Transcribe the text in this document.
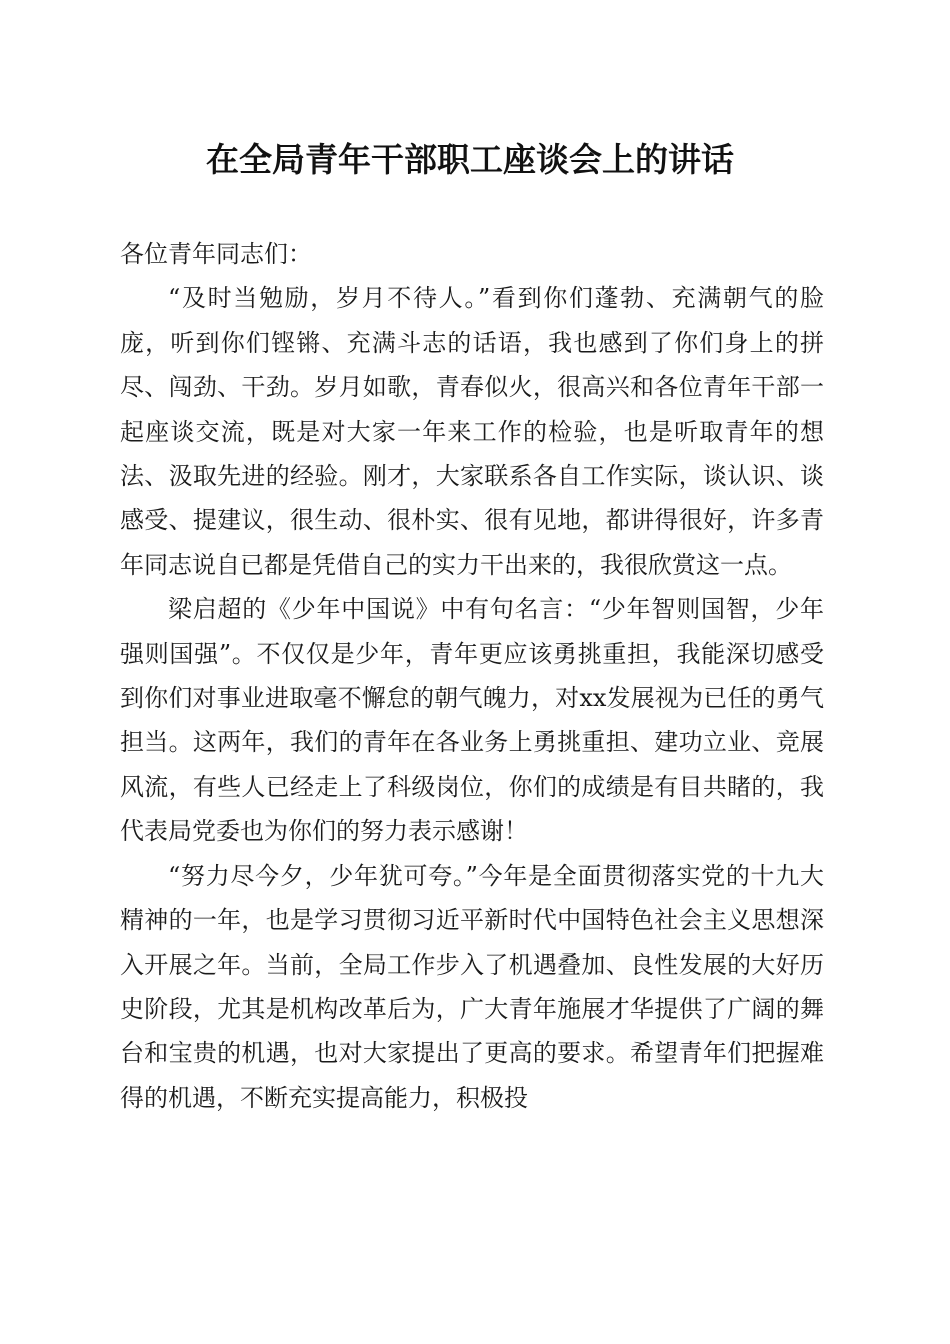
在全局青年干部职工座谈会上的讲话

各位青年同志们：

“及时当勉励，岁月不待人。”看到你们蓬勃、充满朝气的脸庞，听到你们铿锵、充满斗志的话语，我也感到了你们身上的拼尽、闯劲、干劲。岁月如歌，青春似火，很高兴和各位青年干部一起座谈交流，既是对大家一年来工作的检验，也是听取青年的想法、汲取先进的经验。刚才，大家联系各自工作实际，谈认识、谈感受、提建议，很生动、很朴实、很有见地，都讲得很好，许多青年同志说自已都是凭借自己的实力干出来的，我很欣赏这一点。

梁启超的《少年中国说》中有句名言：“少年智则国智，少年强则国强”。不仅仅是少年，青年更应该勇挑重担，我能深切感受到你们对事业进取毫不懈怠的朝气魄力，对xx发展视为已任的勇气担当。这两年，我们的青年在各业务上勇挑重担、建功立业、竞展风流，有些人已经走上了科级岗位，你们的成绩是有目共睹的，我代表局党委也为你们的努力表示感谢！

“努力尽今夕，少年犹可夸。”今年是全面贯彻落实党的十九大精神的一年，也是学习贯彻习近平新时代中国特色社会主义思想深入开展之年。当前，全局工作步入了机遇叠加、良性发展的大好历史阶段，尤其是机构改革后为，广大青年施展才华提供了广阔的舞台和宝贵的机遇，也对大家提出了更高的要求。希望青年们把握难得的机遇，不断充实提高能力，积极投
